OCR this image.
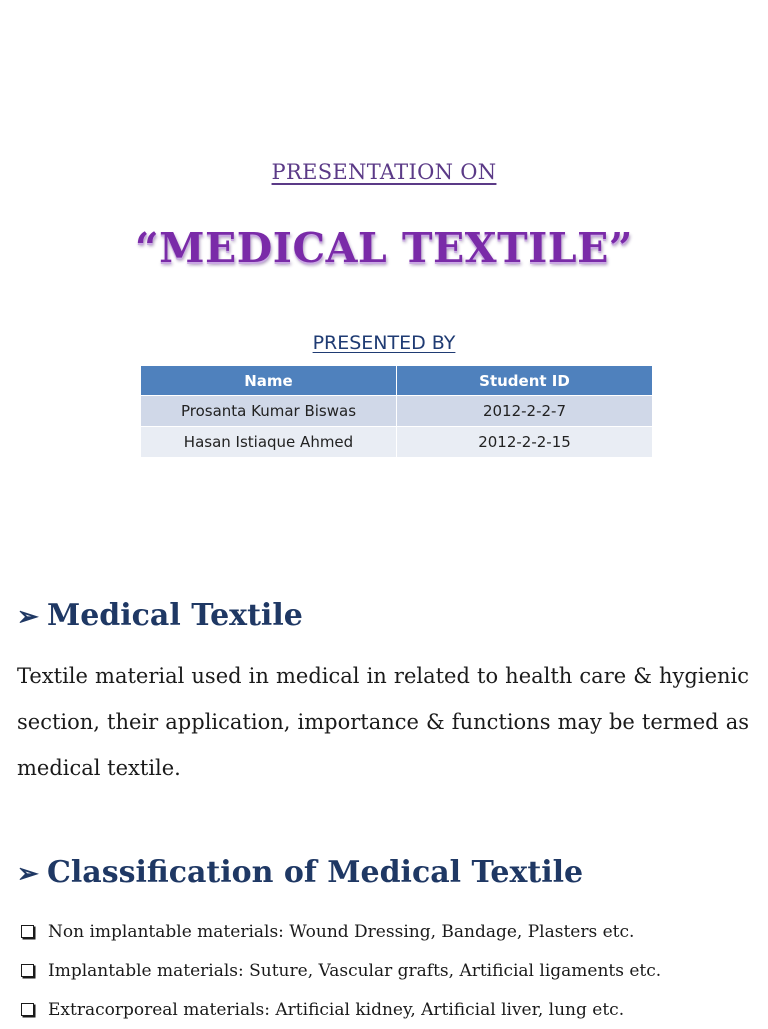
PRESENTATION ON
“MEDICAL TEXTILE”
PRESENTED BY
Name	Student ID
Prosanta Kumar Biswas	2012-2-2-7
Hasan Istiaque Ahmed	2012-2-2-15
➢ Medical Textile
Textile material used in medical in related to health care & hygienic section, their application, importance & functions may be termed as medical textile.
➢ Classification of Medical Textile
Non implantable materials: Wound Dressing, Bandage, Plasters etc.
Implantable materials: Suture, Vascular grafts, Artificial ligaments etc.
Extracorporeal materials: Artificial kidney, Artificial liver, lung etc.
